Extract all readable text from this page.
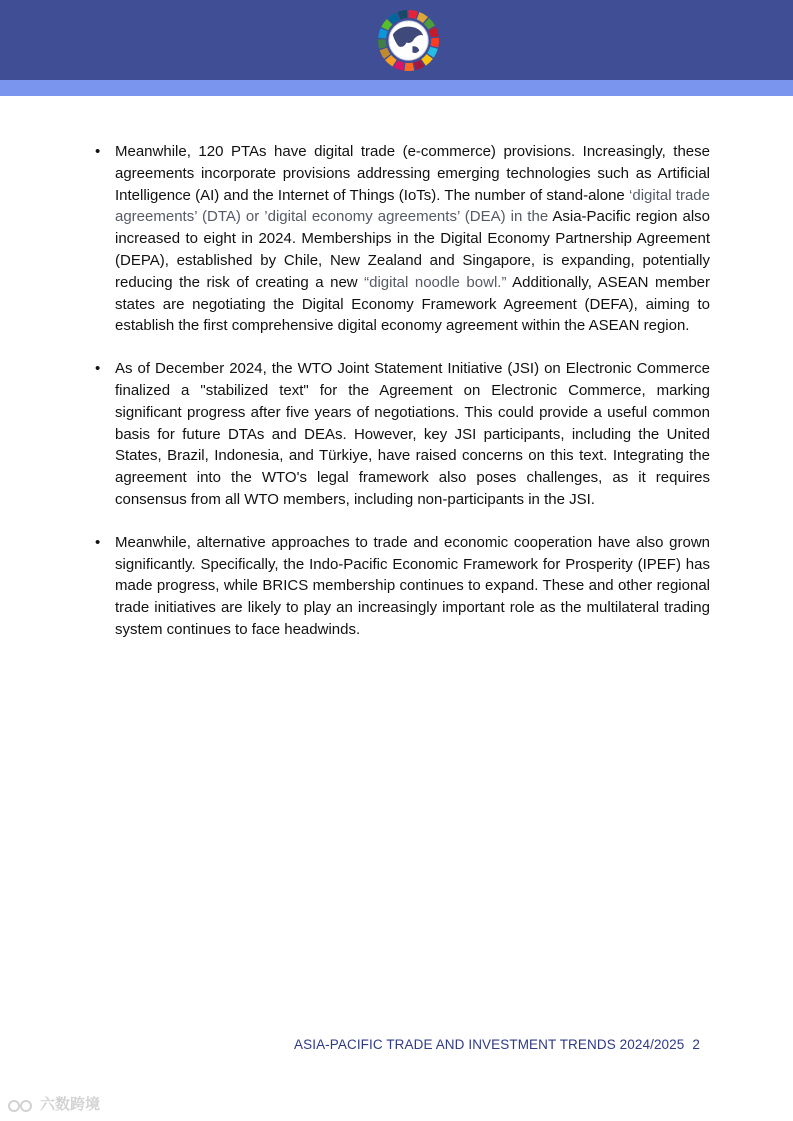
• Meanwhile, 120 PTAs have digital trade (e-commerce) provisions. Increasingly, these agreements incorporate provisions addressing emerging technologies such as Artificial Intelligence (AI) and the Internet of Things (IoTs). The number of stand-alone ‘digital trade agreements’ (DTA) or ’digital economy agreements’ (DEA) in the Asia-Pacific region also increased to eight in 2024. Memberships in the Digital Economy Partnership Agreement (DEPA), established by Chile, New Zealand and Singapore, is expanding, potentially reducing the risk of creating a new “digital noodle bowl.” Additionally, ASEAN member states are negotiating the Digital Economy Framework Agreement (DEFA), aiming to establish the first comprehensive digital economy agreement within the ASEAN region.
• As of December 2024, the WTO Joint Statement Initiative (JSI) on Electronic Commerce finalized a "stabilized text" for the Agreement on Electronic Commerce, marking significant progress after five years of negotiations. This could provide a useful common basis for future DTAs and DEAs. However, key JSI participants, including the United States, Brazil, Indonesia, and Türkiye, have raised concerns on this text. Integrating the agreement into the WTO's legal framework also poses challenges, as it requires consensus from all WTO members, including non-participants in the JSI.
• Meanwhile, alternative approaches to trade and economic cooperation have also grown significantly. Specifically, the Indo-Pacific Economic Framework for Prosperity (IPEF) has made progress, while BRICS membership continues to expand. These and other regional trade initiatives are likely to play an increasingly important role as the multilateral trading system continues to face headwinds.
ASIA-PACIFIC TRADE AND INVESTMENT TRENDS 2024/2025 2
六数跨境
